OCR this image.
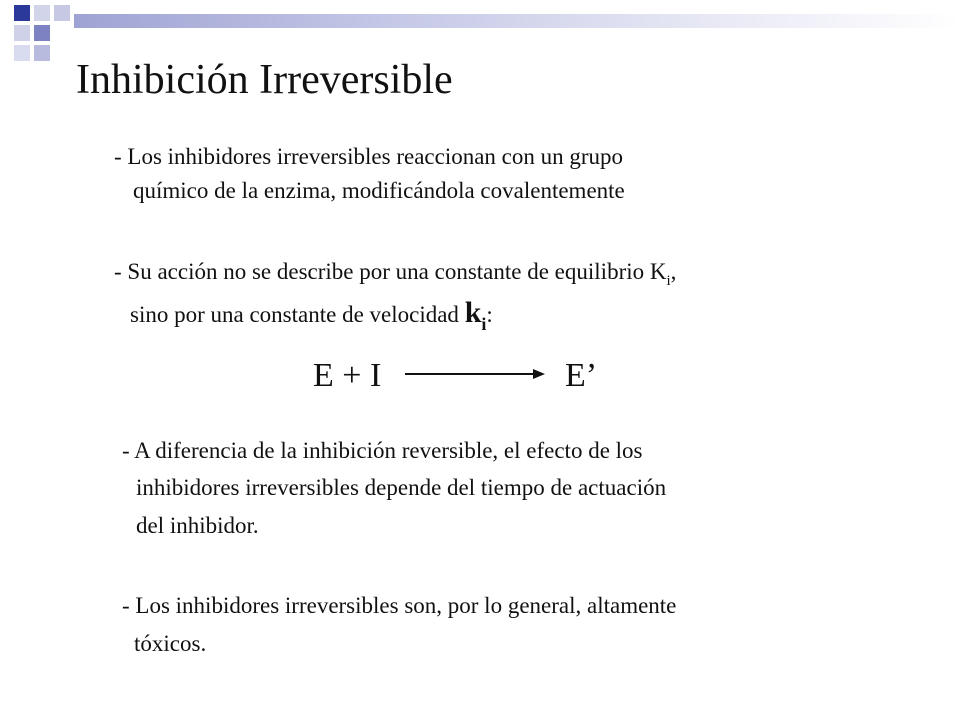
Inhibición Irreversible

- Los inhibidores irreversibles reaccionan con un grupo

químico de la enzima, modificándola covalentemente

- Su acción no se describe por una constante de equilibrio $K_i$,

sino por una constante de velocidad $k_i$:

E + I	E’

- A diferencia de la inhibición reversible, el efecto de los

inhibidores irreversibles depende del tiempo de actuación

del inhibidor.

- Los inhibidores irreversibles son, por lo general, altamente

tóxicos.
